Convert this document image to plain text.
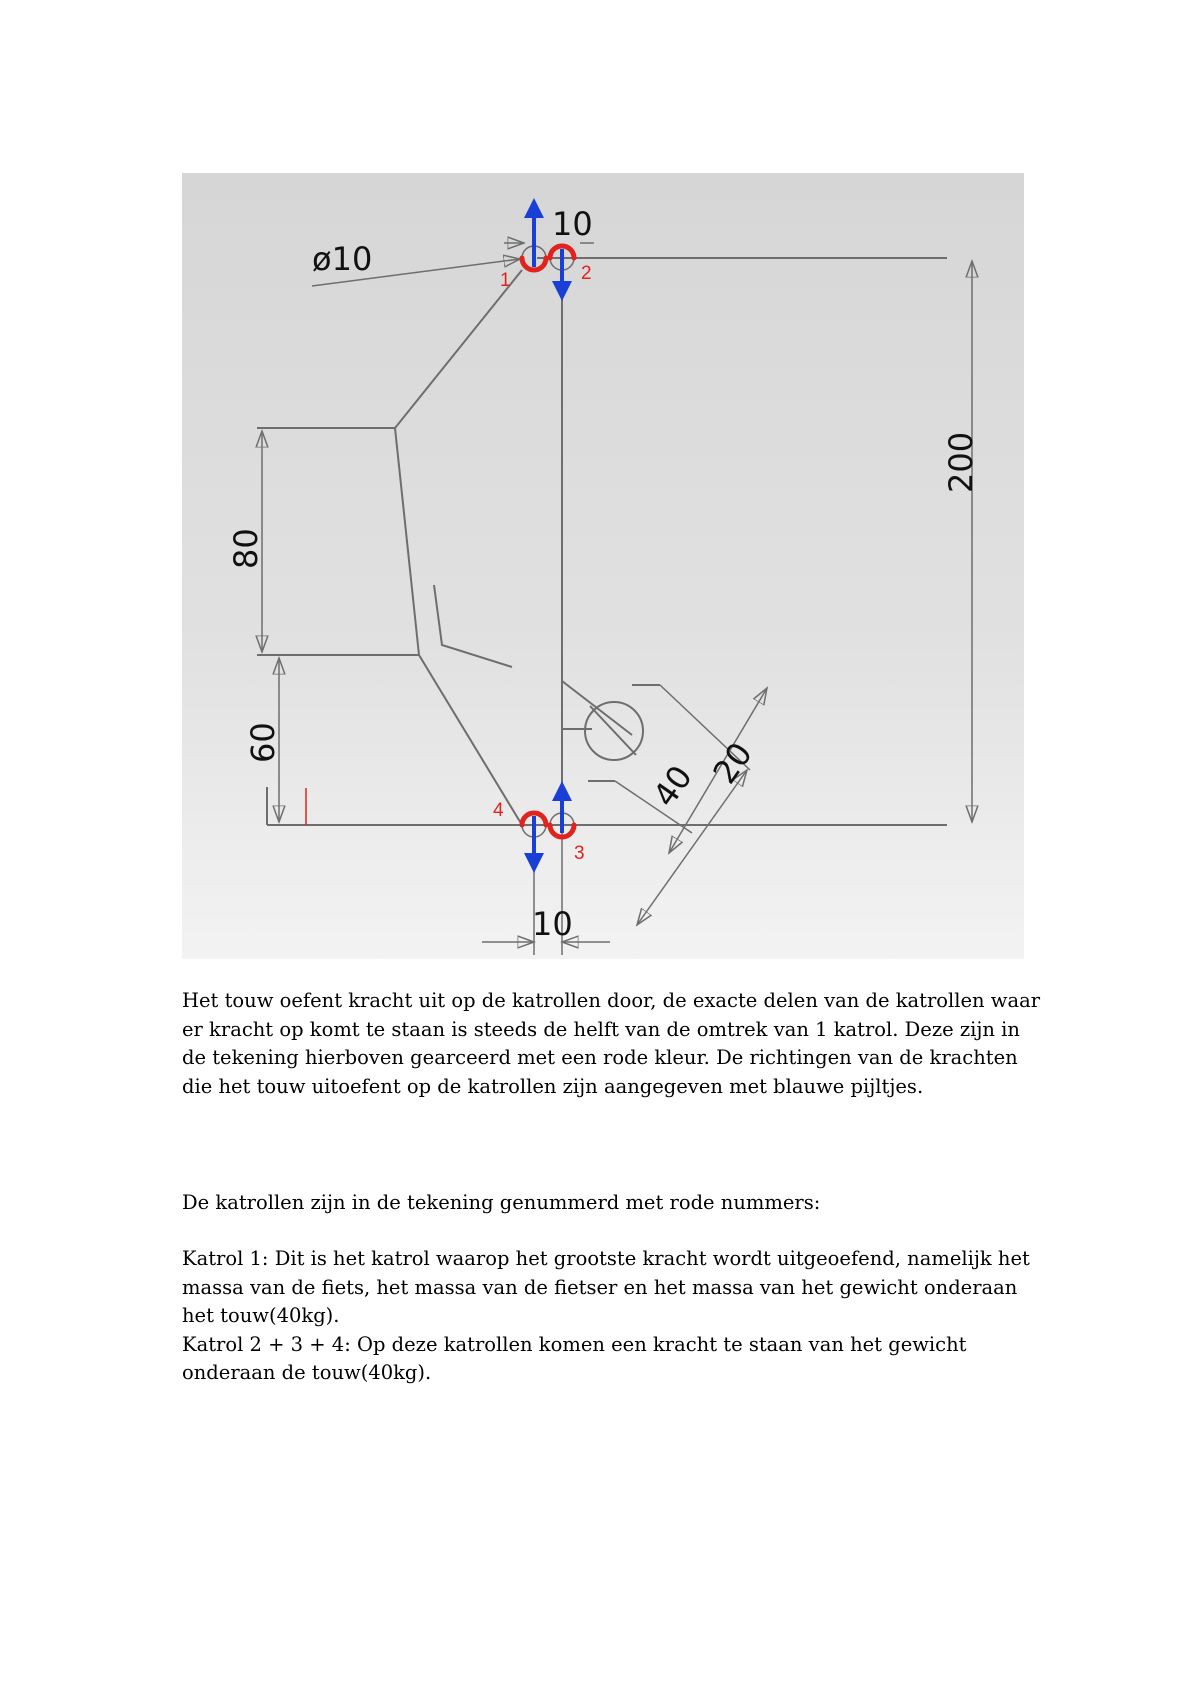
ø10
10
10
200
80
60
40 20
1	2
3
4

Het touw oefent kracht uit op de katrollen door, de exacte delen van de katrollen waar er kracht op komt te staan is steeds de helft van de omtrek van 1 katrol. Deze zijn in de tekening hierboven gearceerd met een rode kleur. De richtingen van de krachten die het touw uitoefent op de katrollen zijn aangegeven met blauwe pijltjes.

De katrollen zijn in de tekening genummerd met rode nummers:

Katrol 1: Dit is het katrol waarop het grootste kracht wordt uitgeoefend, namelijk het massa van de fiets, het massa van de fietser en het massa van het gewicht onderaan het touw(40kg).

Katrol 2 + 3 + 4: Op deze katrollen komen een kracht te staan van het gewicht onderaan de touw(40kg).
